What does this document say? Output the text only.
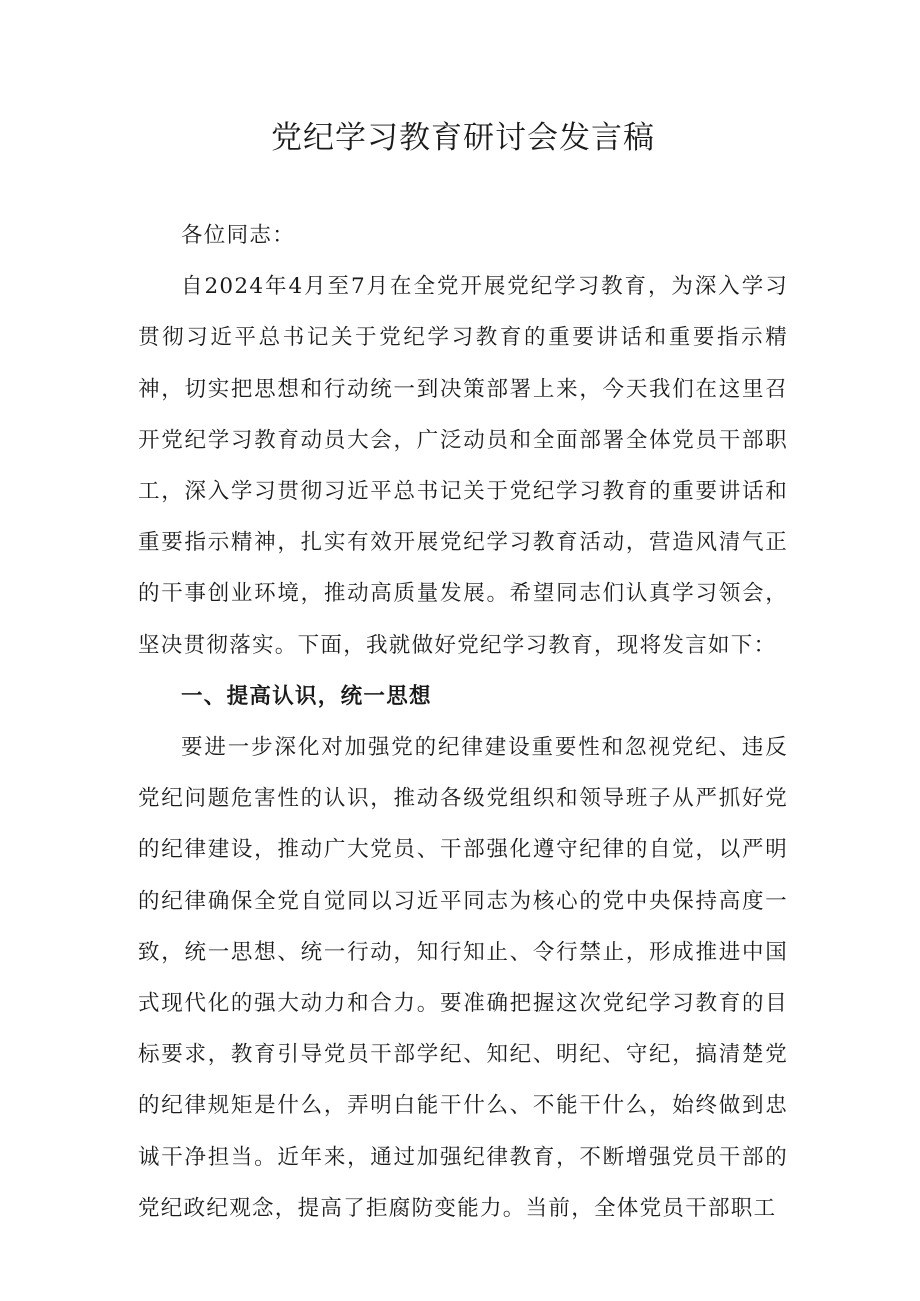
党纪学习教育研讨会发言稿

各位同志：

自2024年4月至7月在全党开展党纪学习教育，为深入学习贯彻习近平总书记关于党纪学习教育的重要讲话和重要指示精神，切实把思想和行动统一到决策部署上来，今天我们在这里召开党纪学习教育动员大会，广泛动员和全面部署全体党员干部职工，深入学习贯彻习近平总书记关于党纪学习教育的重要讲话和重要指示精神，扎实有效开展党纪学习教育活动，营造风清气正的干事创业环境，推动高质量发展。希望同志们认真学习领会，坚决贯彻落实。下面，我就做好党纪学习教育，现将发言如下：

一、提高认识，统一思想

要进一步深化对加强党的纪律建设重要性和忽视党纪、违反党纪问题危害性的认识，推动各级党组织和领导班子从严抓好党的纪律建设，推动广大党员、干部强化遵守纪律的自觉，以严明的纪律确保全党自觉同以习近平同志为核心的党中央保持高度一致，统一思想、统一行动，知行知止、令行禁止，形成推进中国式现代化的强大动力和合力。要准确把握这次党纪学习教育的目标要求，教育引导党员干部学纪、知纪、明纪、守纪，搞清楚党的纪律规矩是什么，弄明白能干什么、不能干什么，始终做到忠诚干净担当。近年来，通过加强纪律教育，不断增强党员干部的党纪政纪观念，提高了拒腐防变能力。当前，全体党员干部职工
